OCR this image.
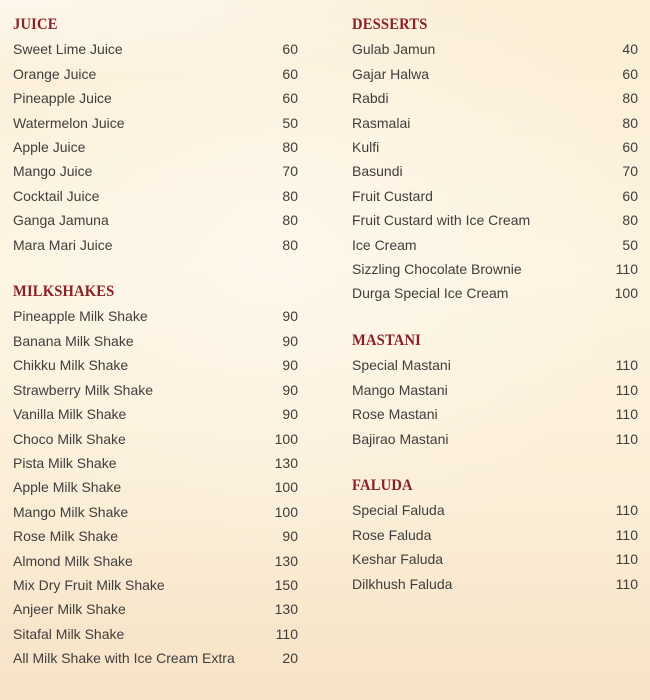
JUICE
Sweet Lime Juice	60
Orange Juice	60
Pineapple Juice	60
Watermelon Juice	50
Apple Juice	80
Mango Juice	70
Cocktail Juice	80
Ganga Jamuna	80
Mara Mari Juice	80
MILKSHAKES
Pineapple Milk Shake	90
Banana Milk Shake	90
Chikku Milk Shake	90
Strawberry Milk Shake	90
Vanilla Milk Shake	90
Choco Milk Shake	100
Pista Milk Shake	130
Apple Milk Shake	100
Mango Milk Shake	100
Rose Milk Shake	90
Almond Milk Shake	130
Mix Dry Fruit Milk Shake	150
Anjeer Milk Shake	130
Sitafal Milk Shake	110
All Milk Shake with Ice Cream Extra	20
DESSERTS
Gulab Jamun	40
Gajar Halwa	60
Rabdi	80
Rasmalai	80
Kulfi	60
Basundi	70
Fruit Custard	60
Fruit Custard with Ice Cream	80
Ice Cream	50
Sizzling Chocolate Brownie	110
Durga Special Ice Cream	100
MASTANI
Special Mastani	110
Mango Mastani	110
Rose Mastani	110
Bajirao Mastani	110
FALUDA
Special Faluda	110
Rose Faluda	110
Keshar Faluda	110
Dilkhush Faluda	110
